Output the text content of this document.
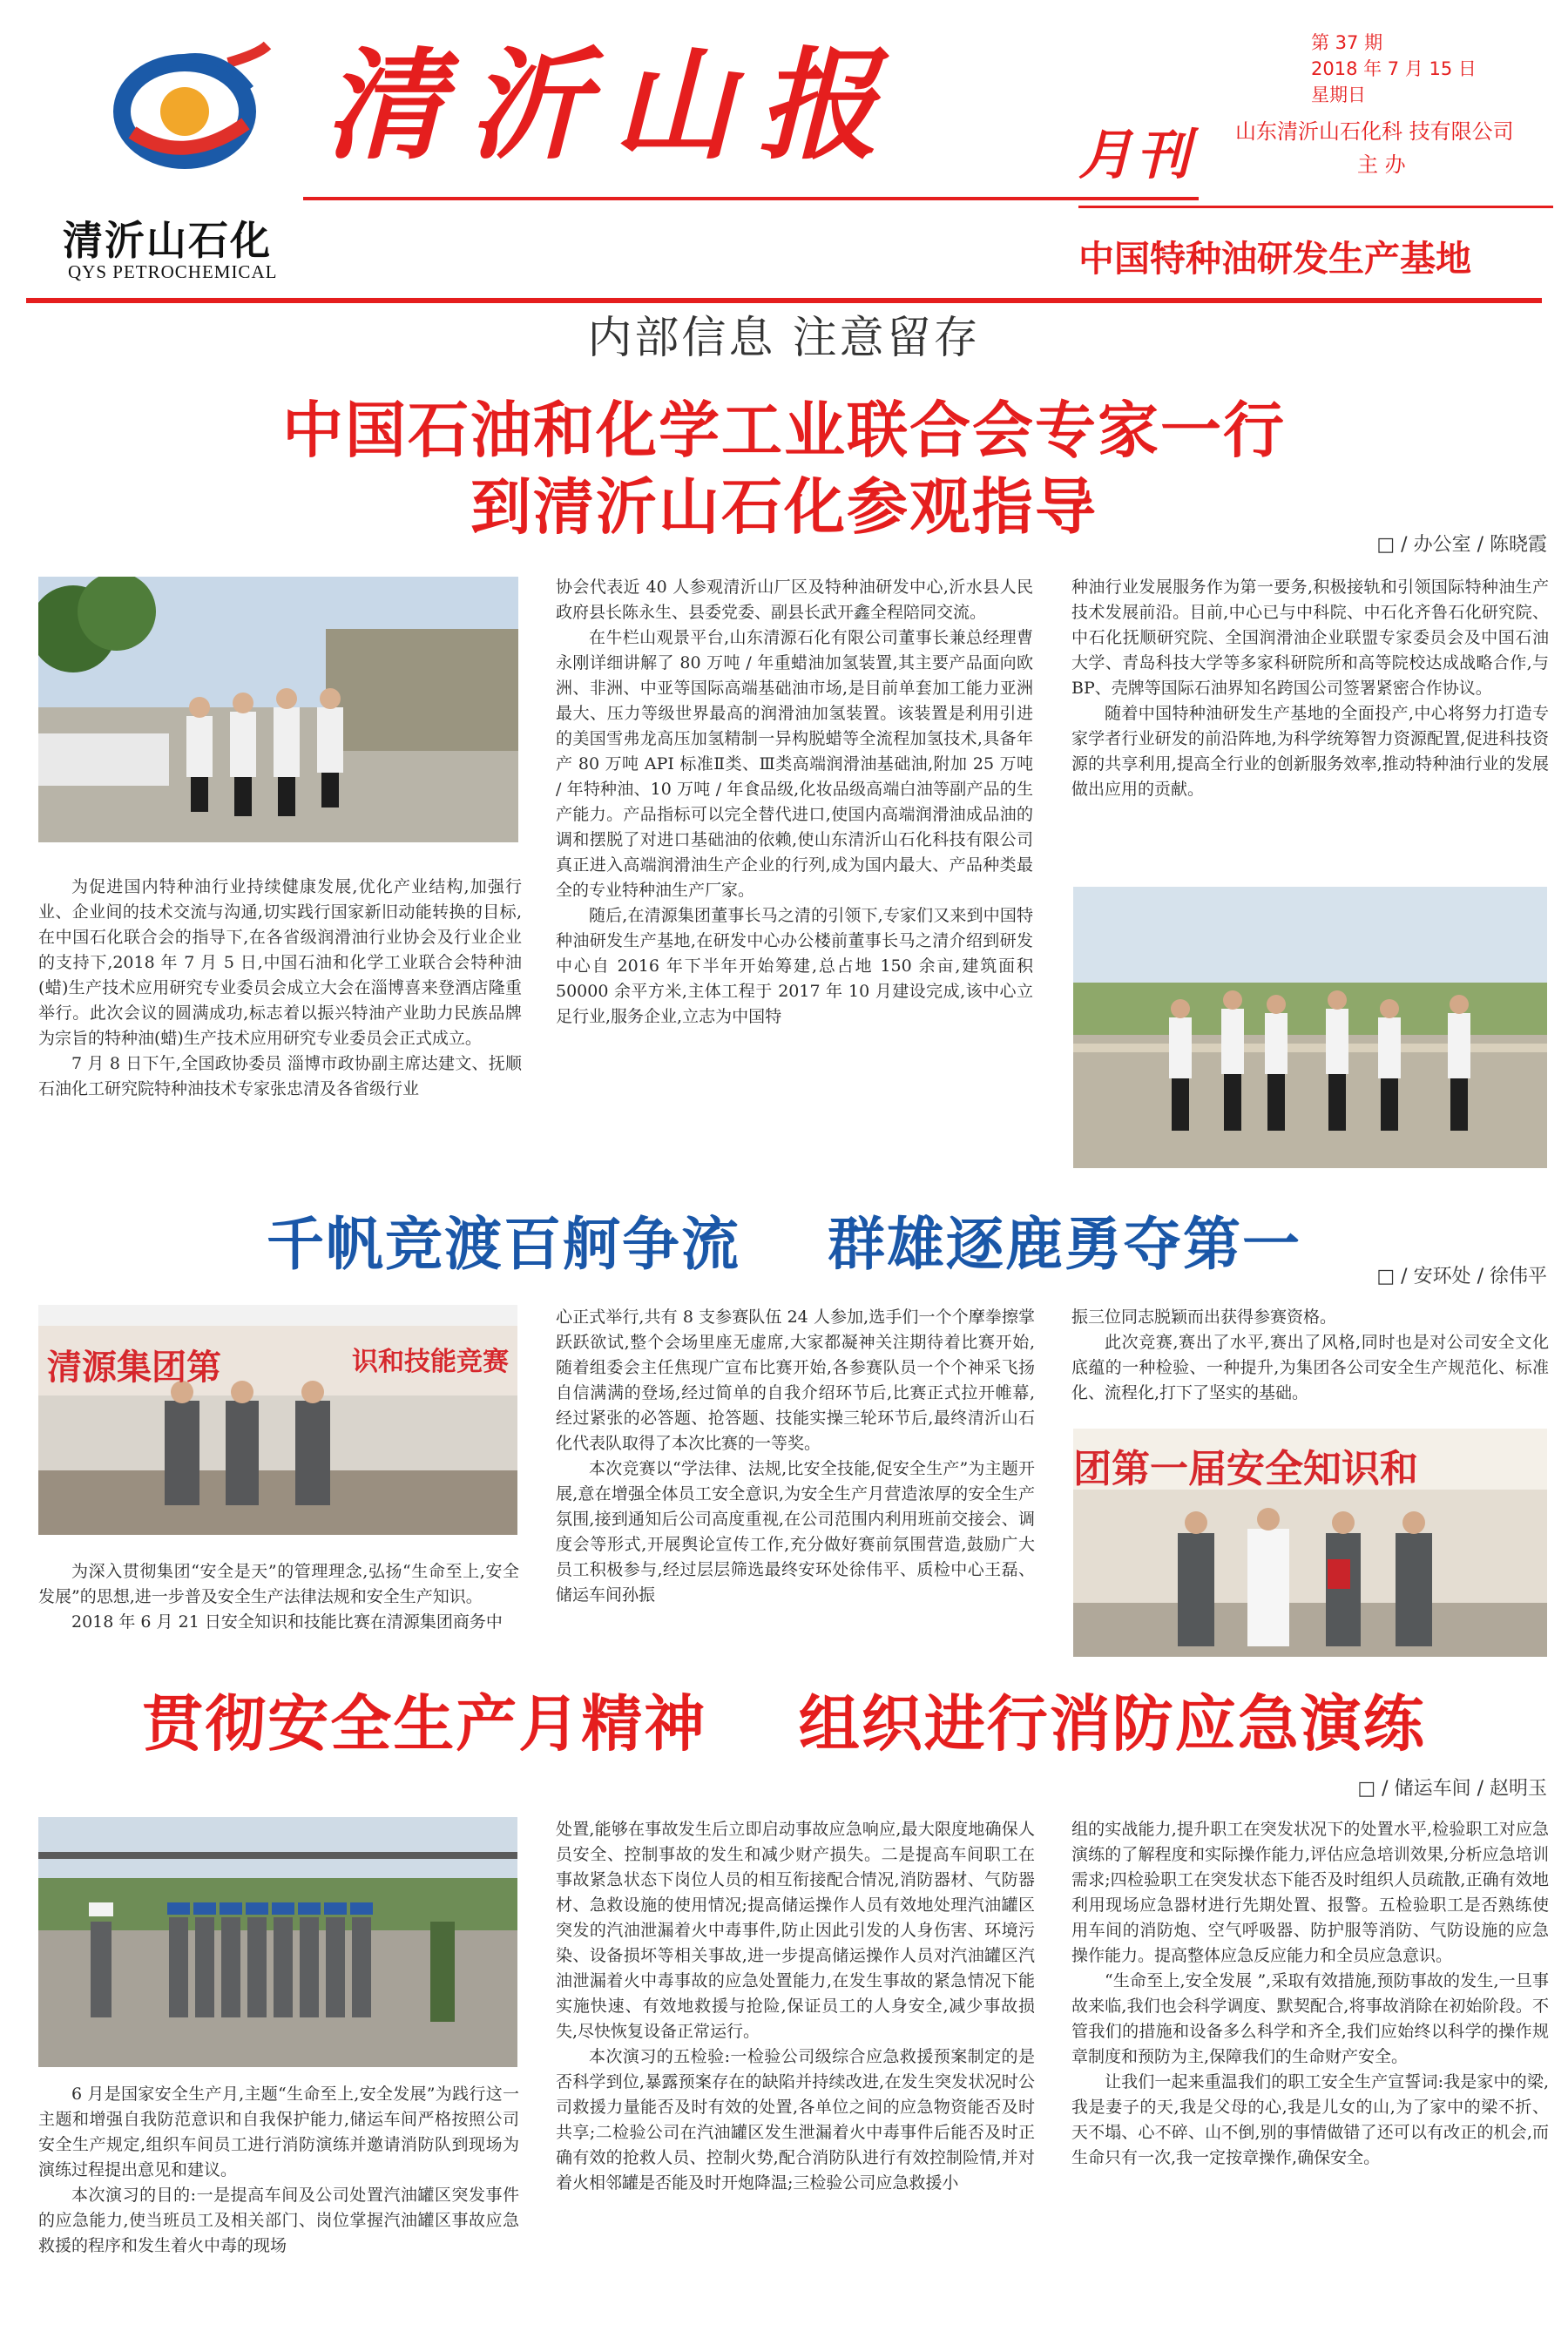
清沂山石化
QYS PETROCHEMICAL
清沂山报	月刊
第 37 期
2018 年 7 月 15 日
星期日
山东清沂山石化科 技有限公司
主 办
中国特种油研发生产基地
内部信息 注意留存
中国石油和化学工业联合会专家一行
到清沂山石化参观指导
□ / 办公室 / 陈晓霞

为促进国内特种油行业持续健康发展,优化产业结构,加强行业、企业间的技术交流与沟通,切实践行国家新旧动能转换的目标,在中国石化联合会的指导下,在各省级润滑油行业协会及行业企业的支持下,2018 年 7 月 5 日,中国石油和化学工业联合会特种油(蜡)生产技术应用研究专业委员会成立大会在淄博喜来登酒店隆重举行。此次会议的圆满成功,标志着以振兴特油产业助力民族品牌为宗旨的特种油(蜡)生产技术应用研究专业委员会正式成立。

7 月 8 日下午,全国政协委员 淄博市政协副主席达建文、抚顺石油化工研究院特种油技术专家张忠清及各省级行业

协会代表近 40 人参观清沂山厂区及特种油研发中心,沂水县人民政府县长陈永生、县委党委、副县长武开鑫全程陪同交流。

在牛栏山观景平台,山东清源石化有限公司董事长兼总经理曹永刚详细讲解了 80 万吨 / 年重蜡油加氢装置,其主要产品面向欧洲、非洲、中亚等国际高端基础油市场,是目前单套加工能力亚洲最大、压力等级世界最高的润滑油加氢装置。该装置是利用引进的美国雪弗龙高压加氢精制一异构脱蜡等全流程加氢技术,具备年产 80 万吨 API 标准Ⅱ类、Ⅲ类高端润滑油基础油,附加 25 万吨 / 年特种油、10 万吨 / 年食品级,化妆品级高端白油等副产品的生产能力。产品指标可以完全替代进口,使国内高端润滑油成品油的调和摆脱了对进口基础油的依赖,使山东清沂山石化科技有限公司真正进入高端润滑油生产企业的行列,成为国内最大、产品种类最全的专业特种油生产厂家。

随后,在清源集团董事长马之清的引领下,专家们又来到中国特种油研发生产基地,在研发中心办公楼前董事长马之清介绍到研发中心自 2016 年下半年开始筹建,总占地 150 余亩,建筑面积 50000 余平方米,主体工程于 2017 年 10 月建设完成,该中心立足行业,服务企业,立志为中国特

种油行业发展服务作为第一要务,积极接轨和引领国际特种油生产技术发展前沿。目前,中心已与中科院、中石化齐鲁石化研究院、中石化抚顺研究院、全国润滑油企业联盟专家委员会及中国石油大学、青岛科技大学等多家科研院所和高等院校达成战略合作,与 BP、壳牌等国际石油界知名跨国公司签署紧密合作协议。

随着中国特种油研发生产基地的全面投产,中心将努力打造专家学者行业研发的前沿阵地,为科学统筹智力资源配置,促进科技资源的共享利用,提高全行业的创新服务效率,推动特种油行业的发展做出应用的贡献。

千帆竞渡百舸争流    群雄逐鹿勇夺第一	□ / 安环处 / 徐伟平
清源集团第	识和技能竞赛

为深入贯彻集团“安全是天”的管理理念,弘扬“生命至上,安全发展”的思想,进一步普及安全生产法律法规和安全生产知识。

2018 年 6 月 21 日安全知识和技能比赛在清源集团商务中

心正式举行,共有 8 支参赛队伍 24 人参加,选手们一个个摩拳擦掌跃跃欲试,整个会场里座无虚席,大家都凝神关注期待着比赛开始,随着组委会主任焦现广宣布比赛开始,各参赛队员一个个神采飞扬自信满满的登场,经过简单的自我介绍环节后,比赛正式拉开帷幕,经过紧张的必答题、抢答题、技能实操三轮环节后,最终清沂山石化代表队取得了本次比赛的一等奖。

本次竞赛以“学法律、法规,比安全技能,促安全生产”为主题开展,意在增强全体员工安全意识,为安全生产月营造浓厚的安全生产氛围,接到通知后公司高度重视,在公司范围内利用班前交接会、调度会等形式,开展舆论宣传工作,充分做好赛前氛围营造,鼓励广大员工积极参与,经过层层筛选最终安环处徐伟平、质检中心王磊、储运车间孙振

振三位同志脱颖而出获得参赛资格。

此次竞赛,赛出了水平,赛出了风格,同时也是对公司安全文化底蕴的一种检验、一种提升,为集团各公司安全生产规范化、标准化、流程化,打下了坚实的基础。

团第一届安全知识和
贯彻安全生产月精神    组织进行消防应急演练
□ / 储运车间 / 赵明玉

6 月是国家安全生产月,主题“生命至上,安全发展”为践行这一主题和增强自我防范意识和自我保护能力,储运车间严格按照公司安全生产规定,组织车间员工进行消防演练并邀请消防队到现场为演练过程提出意见和建议。

本次演习的目的:一是提高车间及公司处置汽油罐区突发事件的应急能力,使当班员工及相关部门、岗位掌握汽油罐区事故应急救援的程序和发生着火中毒的现场

处置,能够在事故发生后立即启动事故应急响应,最大限度地确保人员安全、控制事故的发生和减少财产损失。二是提高车间职工在事故紧急状态下岗位人员的相互衔接配合情况,消防器材、气防器材、急救设施的使用情况;提高储运操作人员有效地处理汽油罐区突发的汽油泄漏着火中毒事件,防止因此引发的人身伤害、环境污染、设备损坏等相关事故,进一步提高储运操作人员对汽油罐区汽油泄漏着火中毒事故的应急处置能力,在发生事故的紧急情况下能实施快速、有效地救援与抢险,保证员工的人身安全,减少事故损失,尽快恢复设备正常运行。

本次演习的五检验:一检验公司级综合应急救援预案制定的是否科学到位,暴露预案存在的缺陷并持续改进,在发生突发状况时公司救援力量能否及时有效的处置,各单位之间的应急物资能否及时共享;二检验公司在汽油罐区发生泄漏着火中毒事件后能否及时正确有效的抢救人员、控制火势,配合消防队进行有效控制险情,并对着火相邻罐是否能及时开炮降温;三检验公司应急救援小

组的实战能力,提升职工在突发状况下的处置水平,检验职工对应急演练的了解程度和实际操作能力,评估应急培训效果,分析应急培训需求;四检验职工在突发状态下能否及时组织人员疏散,正确有效地利用现场应急器材进行先期处置、报警。五检验职工是否熟练使用车间的消防炮、空气呼吸器、防护服等消防、气防设施的应急操作能力。提高整体应急反应能力和全员应急意识。

“生命至上,安全发展 ”,采取有效措施,预防事故的发生,一旦事故来临,我们也会科学调度、默契配合,将事故消除在初始阶段。不管我们的措施和设备多么科学和齐全,我们应始终以科学的操作规章制度和预防为主,保障我们的生命财产安全。

让我们一起来重温我们的职工安全生产宣誓词:我是家中的梁,我是妻子的天,我是父母的心,我是儿女的山,为了家中的梁不折、天不塌、心不碎、山不倒,别的事情做错了还可以有改正的机会,而生命只有一次,我一定按章操作,确保安全。
